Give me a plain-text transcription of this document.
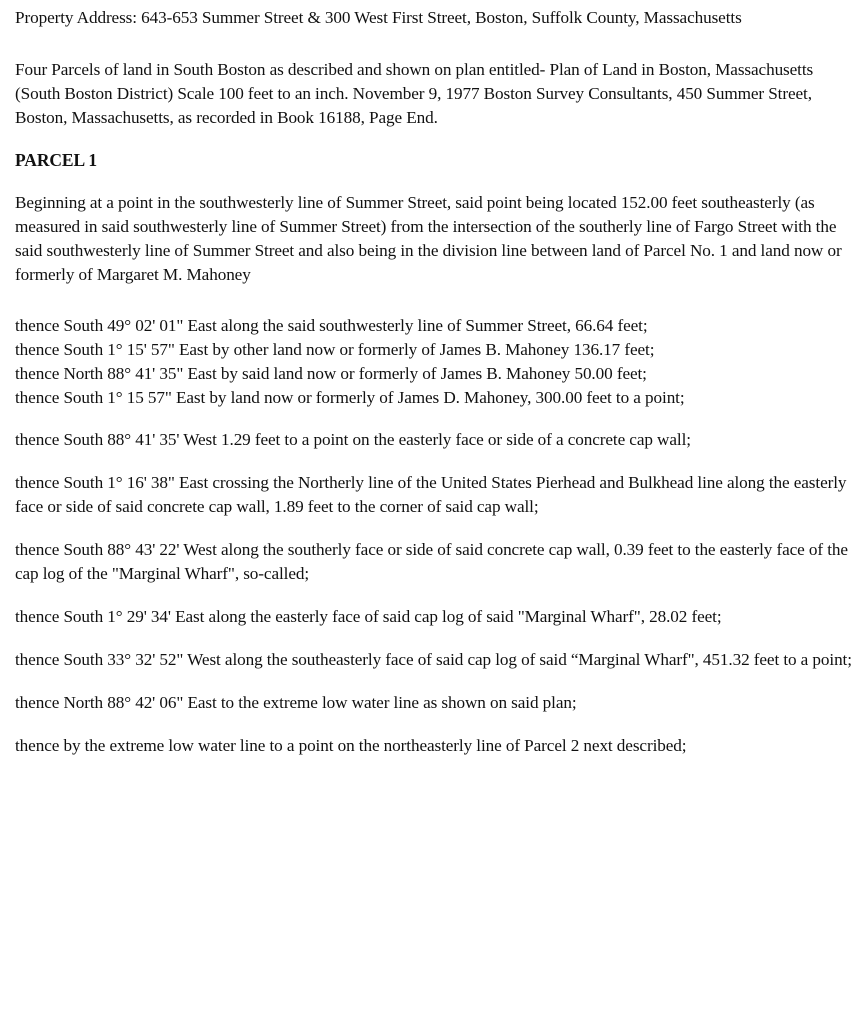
Property Address: 643-653 Summer Street & 300 West First Street, Boston, Suffolk County, Massachusetts

Four Parcels of land in South Boston as described and shown on plan entitled- Plan of Land in Boston, Massachusetts (South Boston District) Scale 100 feet to an inch. November 9, 1977 Boston Survey Consultants, 450 Summer Street, Boston, Massachusetts, as recorded in Book 16188, Page End.

PARCEL 1

Beginning at a point in the southwesterly line of Summer Street, said point being located 152.00 feet southeasterly (as measured in said southwesterly line of Summer Street) from the intersection of the southerly line of Fargo Street with the said southwesterly line of Summer Street and also being in the division line between land of Parcel No. 1 and land now or formerly of Margaret M. Mahoney

thence South 49° 02' 01" East along the said southwesterly line of Summer Street, 66.64 feet;

thence South 1° 15' 57" East by other land now or formerly of James B. Mahoney 136.17 feet;

thence North 88° 41' 35" East by said land now or formerly of James B. Mahoney 50.00 feet;

thence South 1° 15 57" East by land now or formerly of James D. Mahoney, 300.00 feet to a point;

thence South 88° 41' 35' West 1.29 feet to a point on the easterly face or side of a concrete cap wall;

thence South 1° 16' 38" East crossing the Northerly line of the United States Pierhead and Bulkhead line along the easterly face or side of said concrete cap wall, 1.89 feet to the corner of said cap wall;

thence South 88° 43' 22' West along the southerly face or side of said concrete cap wall, 0.39 feet to the easterly face of the cap log of the "Marginal Wharf", so-called;

thence South 1° 29' 34' East along the easterly face of said cap log of said "Marginal Wharf", 28.02 feet;

thence South 33° 32' 52" West along the southeasterly face of said cap log of said “Marginal Wharf", 451.32 feet to a point;

thence North 88° 42' 06" East to the extreme low water line as shown on said plan;

thence by the extreme low water line to a point on the northeasterly line of Parcel 2 next described;
